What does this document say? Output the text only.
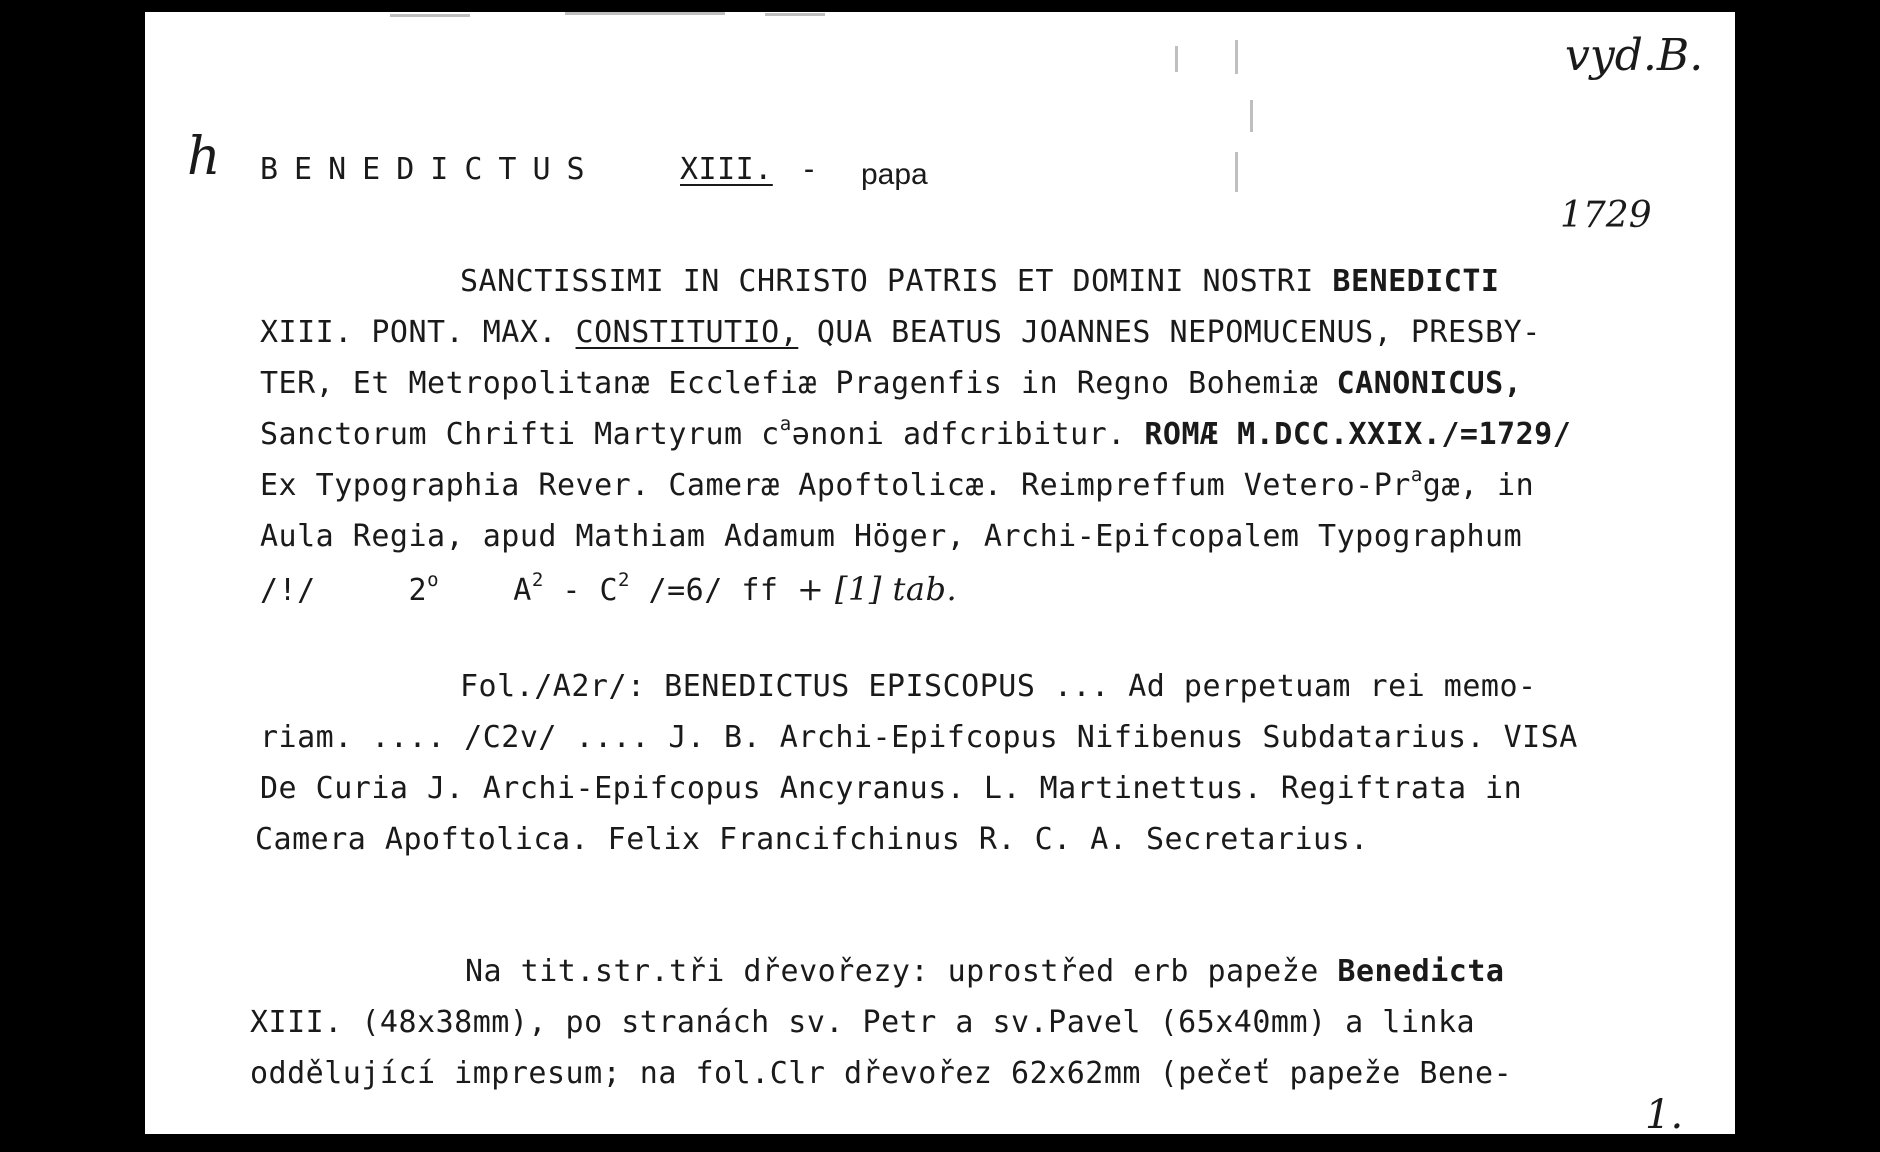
h BENEDICTUS	XIII. - papa
vyd.B.
1729
SANCTISSIMI IN CHRISTO PATRIS ET DOMINI NOSTRI BENEDICTI
XIII. PONT. MAX. CONSTITUTIO, QUA BEATUS JOANNES NEPOMUCENUS, PRESBY-
TER, Et Metropolitanæ Ecclefiæ Pragenfis in Regno Bohemiæ CANONICUS,
Sanctorum Chrifti Martyrum $c^aənoni$ adfcribitur. ROMÆ M.DCC.XXIX./=1729/
Ex Typographia Rever. Cameræ Apoftolicæ. Reimpreffum Vetero-Pr$^a$gæ, in
Aula Regia, apud Mathiam Adamum Höger, Archi-Epifcopalem Typographum
/!/     2$^o$    $A^2 - C^2$ /=6/ ff + [1] tab.
Fol./A2r/: BENEDICTUS EPISCOPUS ... Ad perpetuam rei memo-
riam. .... /C2v/ .... J. B. Archi-Epifcopus Nifibenus Subdatarius. VISA
De Curia J. Archi-Epifcopus Ancyranus. L. Martinettus. Regiftrata in
Camera Apoftolica. Felix Francifchinus R. C. A. Secretarius.
Na tit.str.tři dřevořezy: uprostřed erb papeže Benedicta
XIII. (48x38mm), po stranách sv. Petr a sv.Pavel (65x40mm) a linka
oddělující impresum; na fol.Clr dřevořez 62x62mm (pečeť papeže Bene-
1.
